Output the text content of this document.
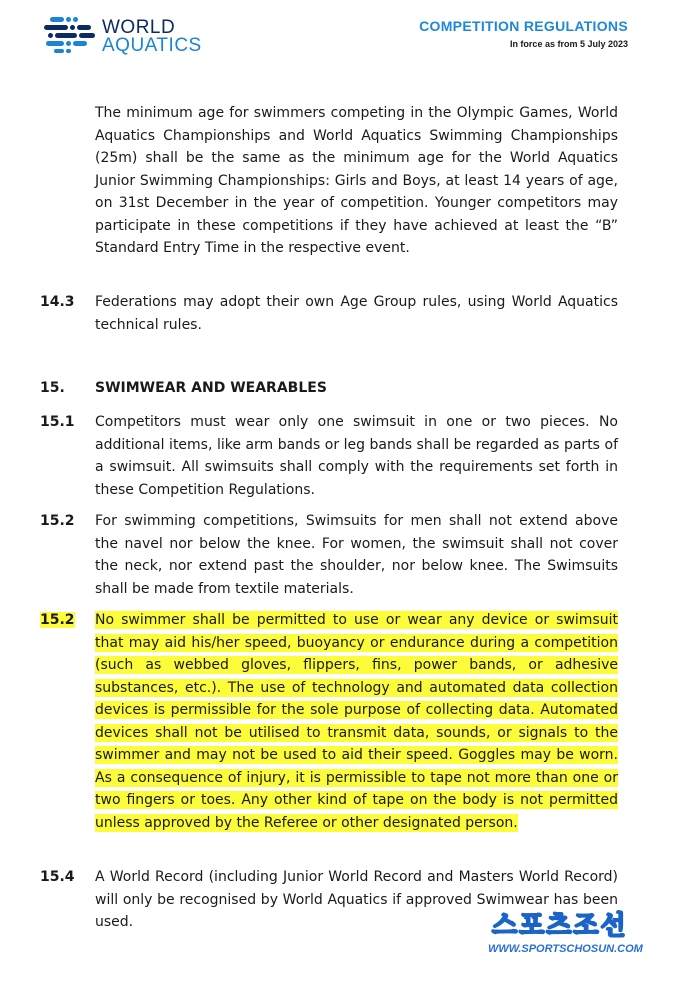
WORLD
AQUATICS
COMPETITION REGULATIONS
In force as from 5 July 2023
The minimum age for swimmers competing in the Olympic Games, World Aquatics Championships and World Aquatics Swimming Championships (25m) shall be the same as the minimum age for the World Aquatics Junior Swimming Championships: Girls and Boys, at least 14 years of age, on 31st December in the year of competition. Younger competitors may participate in these competitions if they have achieved at least the “B” Standard Entry Time in the respective event.
14.3	Federations may adopt their own Age Group rules, using World Aquatics technical rules.
15.	SWIMWEAR AND WEARABLES
15.1	Competitors must wear only one swimsuit in one or two pieces. No additional items, like arm bands or leg bands shall be regarded as parts of a swimsuit. All swimsuits shall comply with the requirements set forth in these Competition Regulations.
15.2	For swimming competitions, Swimsuits for men shall not extend above the navel nor below the knee. For women, the swimsuit shall not cover the neck, nor extend past the shoulder, nor below knee. The Swimsuits shall be made from textile materials.
15.2	No swimmer shall be permitted to use or wear any device or swimsuit that may aid his/her speed, buoyancy or endurance during a competition (such as webbed gloves, flippers, fins, power bands, or adhesive substances, etc.). The use of technology and automated data collection devices is permissible for the sole purpose of collecting data. Automated devices shall not be utilised to transmit data, sounds, or signals to the swimmer and may not be used to aid their speed. Goggles may be worn. As a consequence of injury, it is permissible to tape not more than one or two fingers or toes. Any other kind of tape on the body is not permitted unless approved by the Referee or other designated person.
15.4	A World Record (including Junior World Record and Masters World Record) will only be recognised by World Aquatics if approved Swimwear has been used.	스포츠조선
WWW.SPORTSCHOSUN.COM
